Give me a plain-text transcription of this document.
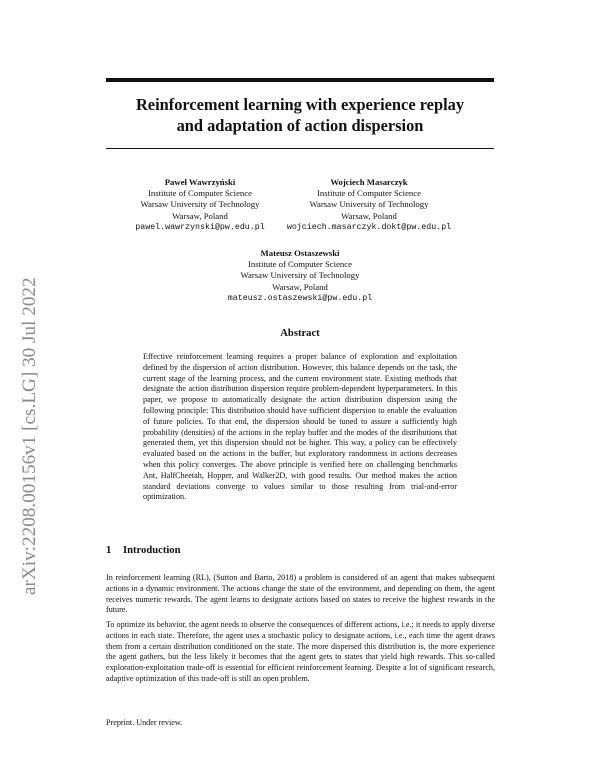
arXiv:2208.00156v1 [cs.LG] 30 Jul 2022
Reinforcement learning with experience replay
and adaptation of action dispersion
Paweł Wawrzyński
Institute of Computer Science
Warsaw University of Technology
Warsaw, Poland
pawel.wawrzynski@pw.edu.pl
Wojciech Masarczyk
Institute of Computer Science
Warsaw University of Technology
Warsaw, Poland
wojciech.masarczyk.dokt@pw.edu.pl
Mateusz Ostaszewski
Institute of Computer Science
Warsaw University of Technology
Warsaw, Poland
mateusz.ostaszewski@pw.edu.pl
Abstract

Effective reinforcement learning requires a proper balance of exploration and exploitation defined by the dispersion of action distribution. However, this balance depends on the task, the current stage of the learning process, and the current environment state. Existing methods that designate the action distribution dispersion require problem-dependent hyperparameters. In this paper, we propose to automatically designate the action distribution dispersion using the following principle: This distribution should have sufficient dispersion to enable the evaluation of future policies. To that end, the dispersion should be tuned to assure a sufficiently high probability (densities) of the actions in the replay buffer and the modes of the distributions that generated them, yet this dispersion should not be higher. This way, a policy can be effectively evaluated based on the actions in the buffer, but exploratory randomness in actions decreases when this policy converges. The above principle is verified here on challenging benchmarks Ant, HalfCheetah, Hopper, and Walker2D, with good results. Our method makes the action standard deviations converge to values similar to those resulting from trial-and-error optimization.

1 Introduction

In reinforcement learning (RL), (Sutton and Barto, 2018) a problem is considered of an agent that makes subsequent actions in a dynamic environment. The actions change the state of the environment, and depending on them, the agent receives numeric rewards. The agent learns to designate actions based on states to receive the highest rewards in the future.

To optimize its behavior, the agent needs to observe the consequences of different actions, i.e.; it needs to apply diverse actions in each state. Therefore, the agent uses a stochastic policy to designate actions, i.e., each time the agent draws them from a certain distribution conditioned on the state. The more dispersed this distribution is, the more experience the agent gathers, but the less likely it becomes that the agent gets to states that yield high rewards. This so-called exploration-exploitation trade-off is essential for efficient reinforcement learning. Despite a lot of significant research, adaptive optimization of this trade-off is still an open problem.

Preprint. Under review.
